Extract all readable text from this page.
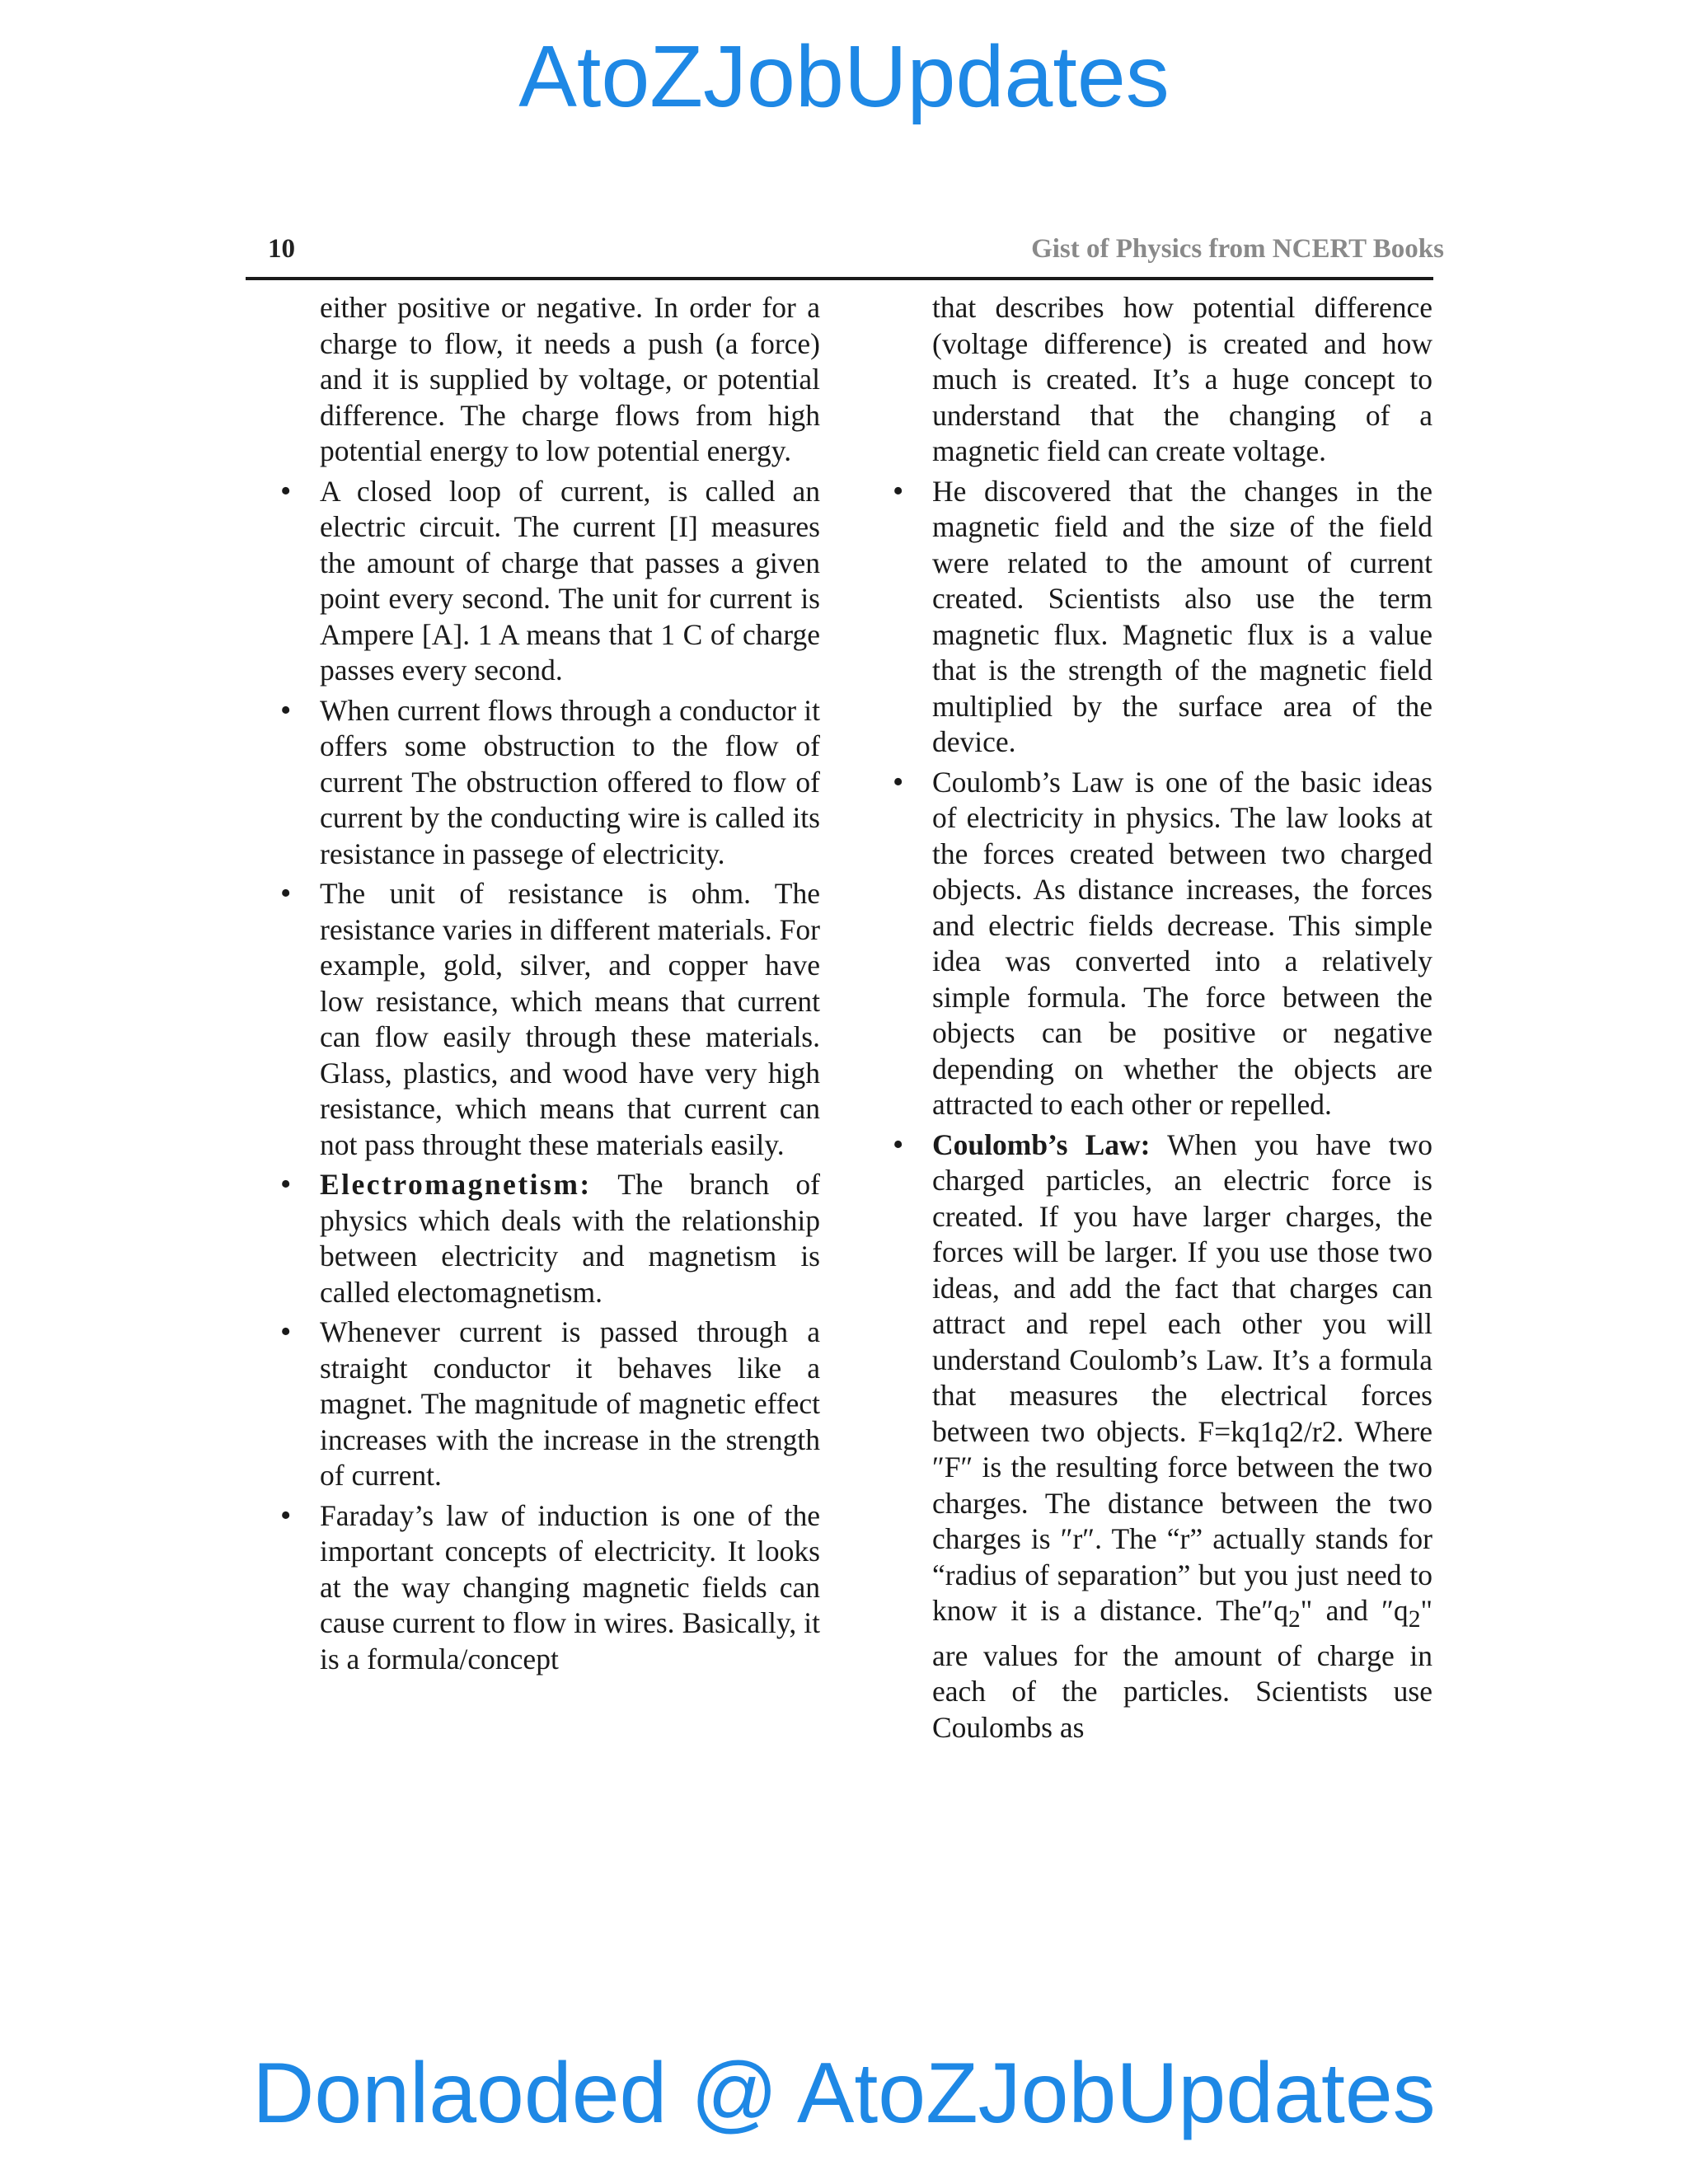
AtoZJobUpdates
10	Gist of Physics from NCERT Books

either positive or negative. In order for a charge to flow, it needs a push (a force) and it is supplied by voltage, or potential difference. The charge flows from high potential energy to low potential energy.

• A closed loop of current, is called an electric circuit. The current [I] measures the amount of charge that passes a given point every second. The unit for current is Ampere [A]. 1 A means that 1 C of charge passes every second.

• When current flows through a conductor it offers some obstruction to the flow of current The obstruction offered to flow of current by the conducting wire is called its resistance in passege of electricity.

• The unit of resistance is ohm. The resistance varies in different materials. For example, gold, silver, and copper have low resistance, which means that current can flow easily through these materials. Glass, plastics, and wood have very high resistance, which means that current can not pass throught these materials easily.

• Electromagnetism: The branch of physics which deals with the relationship between electricity and magnetism is called electomagnetism.

• Whenever current is passed through a straight conductor it behaves like a magnet. The magnitude of magnetic effect increases with the increase in the strength of current.

• Faraday’s law of induction is one of the important concepts of electricity. It looks at the way changing magnetic fields can cause current to flow in wires. Basically, it is a formula/concept

that describes how potential difference (voltage difference) is created and how much is created. It’s a huge concept to understand that the changing of a magnetic field can create voltage.

• He discovered that the changes in the magnetic field and the size of the field were related to the amount of current created. Scientists also use the term magnetic flux. Magnetic flux is a value that is the strength of the magnetic field multiplied by the surface area of the device.

• Coulomb’s Law is one of the basic ideas of electricity in physics. The law looks at the forces created between two charged objects. As distance increases, the forces and electric fields decrease. This simple idea was converted into a relatively simple formula. The force between the objects can be positive or negative depending on whether the objects are attracted to each other or repelled.

• Coulomb’s Law: When you have two charged particles, an electric force is created. If you have larger charges, the forces will be larger. If you use those two ideas, and add the fact that charges can attract and repel each other you will understand Coulomb’s Law. It’s a formula that measures the electrical forces between two objects. F=kq1q2/r2. Where ″F″ is the resulting force between the two charges. The distance between the two charges is ″r″. The “r” actually stands for “radius of separation” but you just need to know it is a distance. $The''q_2$" and $''q_2$" are values for the amount of charge in each of the particles. Scientists use Coulombs as

Donlaoded @ AtoZJobUpdates
